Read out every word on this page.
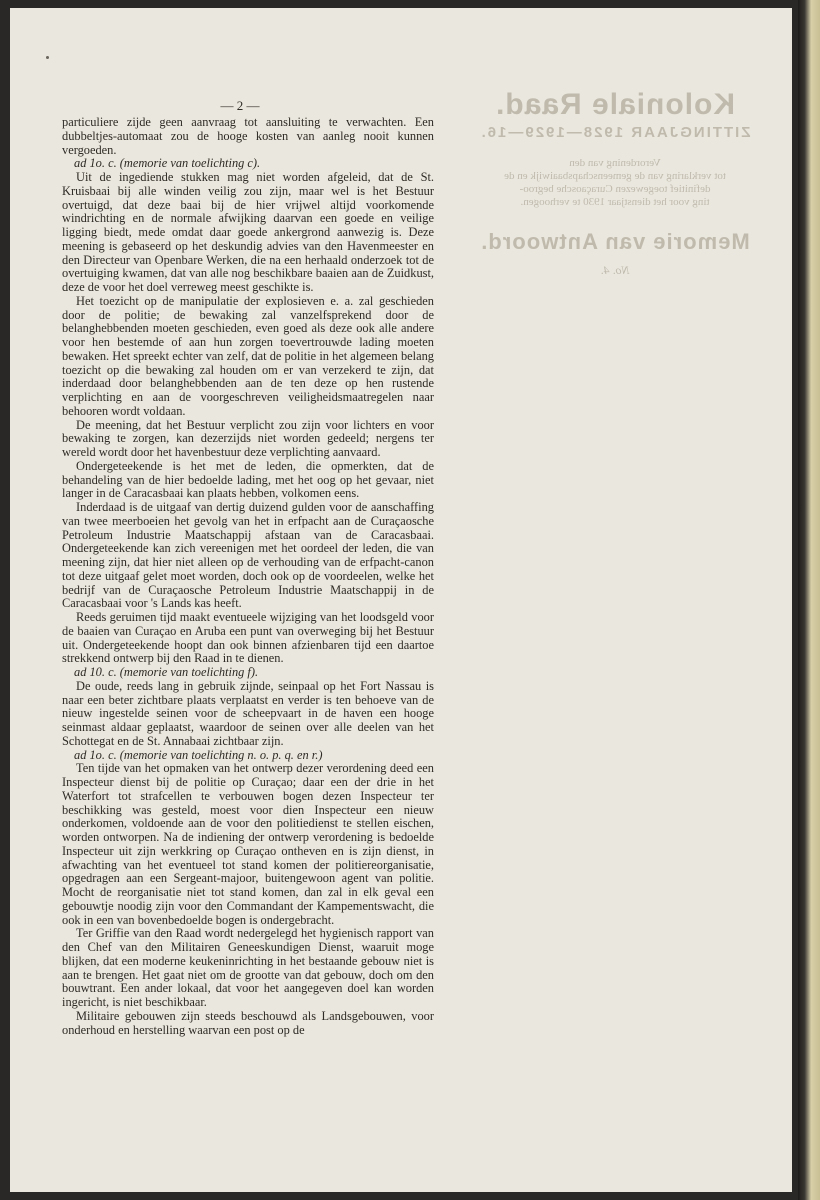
Koloniale Raad.
ZITTINGJAAR 1928—1929—16.
Verordening van den
tot verklaring van de gemeenschapsbaaiwijk en de
definitief toegewezen Curaçaosche begroo-
ting voor het dienstjaar 1930 te verhoogen.
Memorie van Antwoord.
No. 4.
— 2 —

particuliere zijde geen aanvraag tot aansluiting te verwachten. Een dubbeltjes-automaat zou de hooge kosten van aanleg nooit kunnen vergoeden.

ad 1o. c. (memorie van toelichting c).

Uit de ingediende stukken mag niet worden afgeleid, dat de St. Kruisbaai bij alle winden veilig zou zijn, maar wel is het Bestuur overtuigd, dat deze baai bij de hier vrijwel altijd voorkomende windrichting en de normale afwijking daarvan een goede en veilige ligging biedt, mede omdat daar goede ankergrond aanwezig is. Deze meening is gebaseerd op het deskundig advies van den Havenmeester en den Directeur van Openbare Werken, die na een herhaald onderzoek tot de overtuiging kwamen, dat van alle nog beschikbare baaien aan de Zuidkust, deze de voor het doel verreweg meest geschikte is.

Het toezicht op de manipulatie der explosieven e. a. zal geschieden door de politie; de bewaking zal vanzelfsprekend door de belanghebbenden moeten geschieden, even goed als deze ook alle andere voor hen bestemde of aan hun zorgen toevertrouwde lading moeten bewaken. Het spreekt echter van zelf, dat de politie in het algemeen belang toezicht op die bewaking zal houden om er van verzekerd te zijn, dat inderdaad door belanghebbenden aan de ten deze op hen rustende verplichting en aan de voorgeschreven veiligheidsmaatregelen naar behooren wordt voldaan.

De meening, dat het Bestuur verplicht zou zijn voor lichters en voor bewaking te zorgen, kan dezerzijds niet worden gedeeld; nergens ter wereld wordt door het havenbestuur deze verplichting aanvaard.

Ondergeteekende is het met de leden, die opmerkten, dat de behandeling van de hier bedoelde lading, met het oog op het gevaar, niet langer in de Caracasbaai kan plaats hebben, volkomen eens.

Inderdaad is de uitgaaf van dertig duizend gulden voor de aanschaffing van twee meerboeien het gevolg van het in erfpacht aan de Curaçaosche Petroleum Industrie Maatschappij afstaan van de Caracasbaai. Ondergeteekende kan zich vereenigen met het oordeel der leden, die van meening zijn, dat hier niet alleen op de verhouding van de erfpacht-canon tot deze uitgaaf gelet moet worden, doch ook op de voordeelen, welke het bedrijf van de Curaçaosche Petroleum Industrie Maatschappij in de Caracasbaai voor 's Lands kas heeft.

Reeds geruimen tijd maakt eventueele wijziging van het loodsgeld voor de baaien van Curaçao en Aruba een punt van overweging bij het Bestuur uit. Ondergeteekende hoopt dan ook binnen afzienbaren tijd een daartoe strekkend ontwerp bij den Raad in te dienen.

ad 10. c. (memorie van toelichting f).

De oude, reeds lang in gebruik zijnde, seinpaal op het Fort Nassau is naar een beter zichtbare plaats verplaatst en verder is ten behoeve van de nieuw ingestelde seinen voor de scheepvaart in de haven een hooge seinmast aldaar geplaatst, waardoor de seinen over alle deelen van het Schottegat en de St. Annabaai zichtbaar zijn.

ad 1o. c. (memorie van toelichting n. o. p. q. en r.)

Ten tijde van het opmaken van het ontwerp dezer verordening deed een Inspecteur dienst bij de politie op Curaçao; daar een der drie in het Waterfort tot strafcellen te verbouwen bogen dezen Inspecteur ter beschikking was gesteld, moest voor dien Inspecteur een nieuw onderkomen, voldoende aan de voor den politiedienst te stellen eischen, worden ontworpen. Na de indiening der ontwerp verordening is bedoelde Inspecteur uit zijn werkkring op Curaçao ontheven en is zijn dienst, in afwachting van het eventueel tot stand komen der politiereorganisatie, opgedragen aan een Sergeant-majoor, buitengewoon agent van politie. Mocht de reorganisatie niet tot stand komen, dan zal in elk geval een gebouwtje noodig zijn voor den Commandant der Kampementswacht, die ook in een van bovenbedoelde bogen is ondergebracht.

Ter Griffie van den Raad wordt nedergelegd het hygienisch rapport van den Chef van den Militairen Geneeskundigen Dienst, waaruit moge blijken, dat een moderne keukeninrichting in het bestaande gebouw niet is aan te brengen. Het gaat niet om de grootte van dat gebouw, doch om den bouwtrant. Een ander lokaal, dat voor het aangegeven doel kan worden ingericht, is niet beschikbaar.

Militaire gebouwen zijn steeds beschouwd als Landsgebouwen, voor onderhoud en herstelling waarvan een post op de
